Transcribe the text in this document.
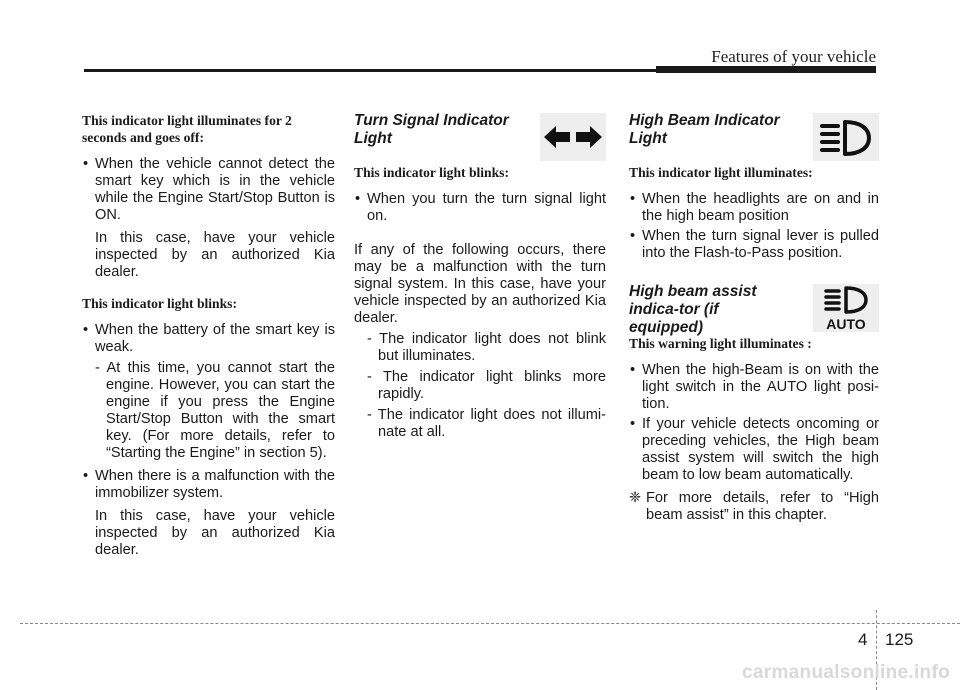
Features of your vehicle

This indicator light illuminates for 2 seconds and goes off:

• When the vehicle cannot detect the smart key which is in the vehicle while the Engine Start/Stop Button is ON.
In this case, have your vehicle inspected by an authorized Kia dealer.

This indicator light blinks:

• When the battery of the smart key is weak.
- At this time, you cannot start the engine. However, you can start the engine if you press the Engine Start/Stop Button with the smart key. (For more details, refer to “Starting the Engine” in section 5).
• When there is a malfunction with the immobilizer system.
In this case, have your vehicle inspected by an authorized Kia dealer.

Turn Signal Indicator Light

This indicator light blinks:

• When you turn the turn signal light on.
If any of the following occurs, there may be a malfunction with the turn signal system. In this case, have your vehicle inspected by an authorized Kia dealer.
- The indicator light does not blink but illuminates.
- The indicator light blinks more rapidly.
- The indicator light does not illumi-nate at all.

High Beam Indicator Light

This indicator light illuminates:

• When the headlights are on and in the high beam position
• When the turn signal lever is pulled into the Flash-to-Pass position.

High beam assist indica-tor (if equipped)	AUTO

This warning light illuminates :

• When the high-Beam is on with the light switch in the AUTO light posi-tion.
• If your vehicle detects oncoming or preceding vehicles, the High beam assist system will switch the high beam to low beam automatically.
❈ For more details, refer to “High beam assist” in this chapter.
4 125
carmanualsonline.info
